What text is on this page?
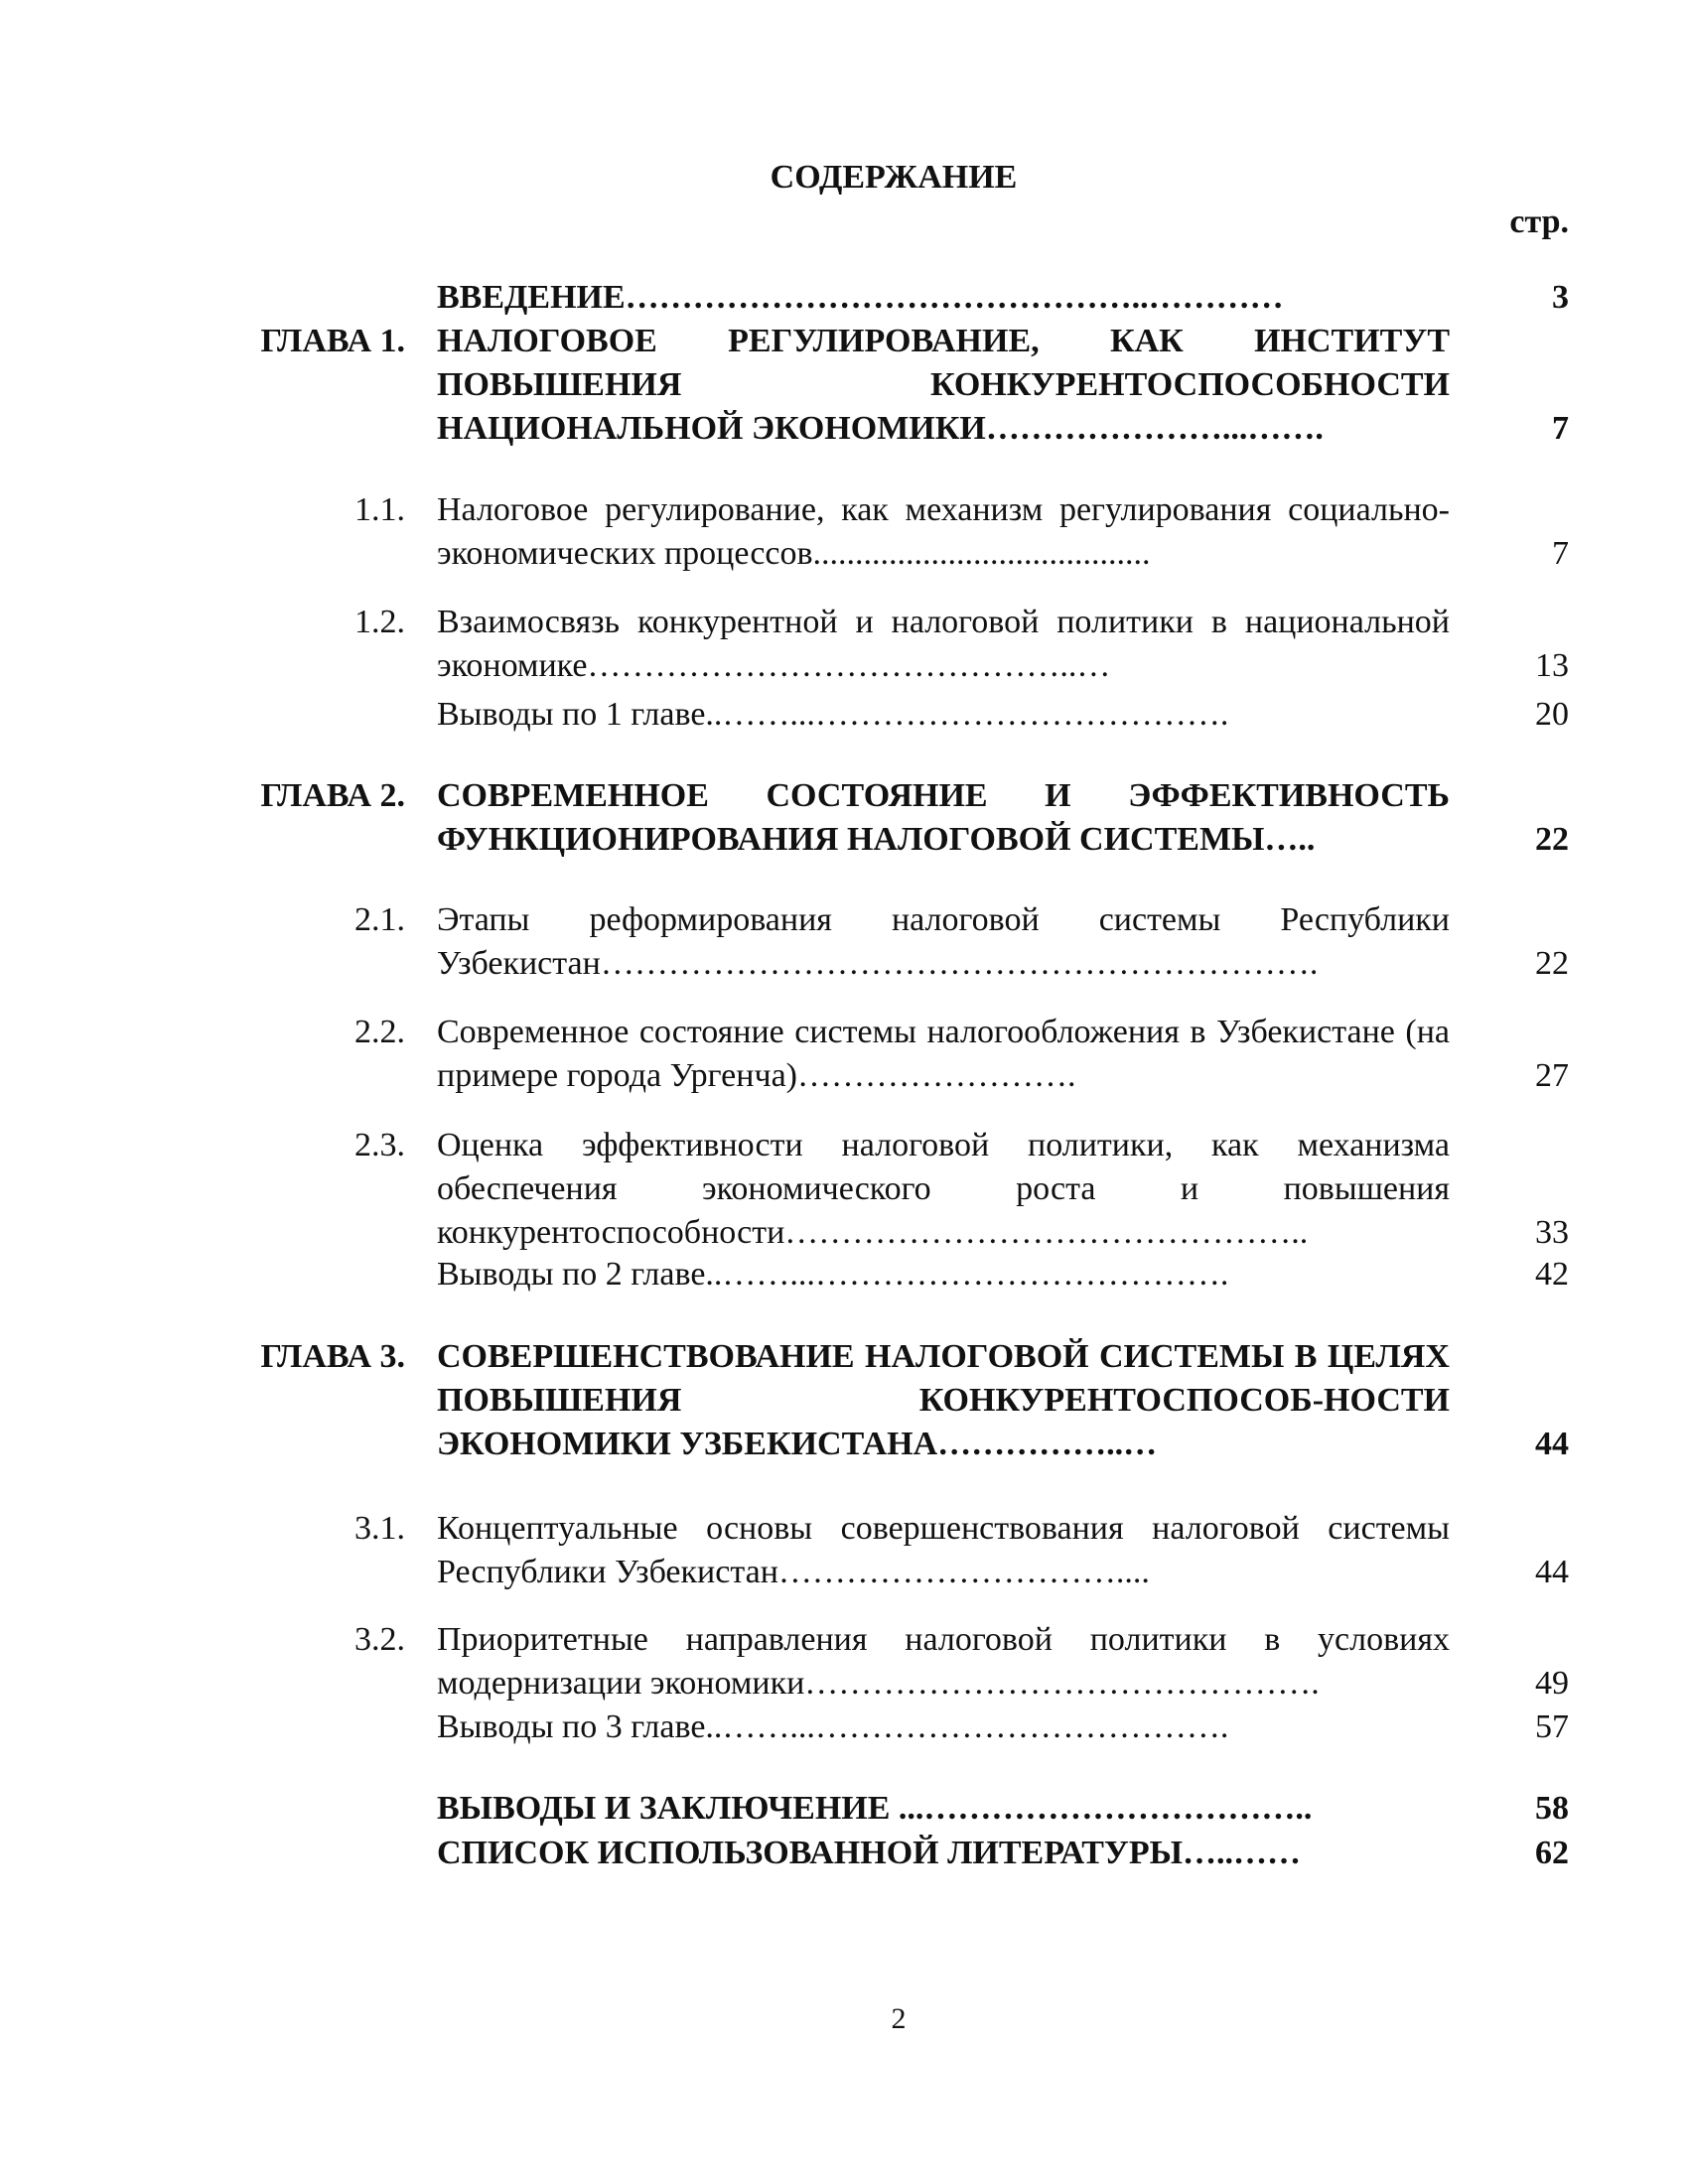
СОДЕРЖАНИЕ
стр.
ВВЕДЕНИЕ………………………………………..…………	3
ГЛАВА 1. НАЛОГОВОЕ РЕГУЛИРОВАНИЕ, КАК ИНСТИТУТ ПОВЫШЕНИЯ КОНКУРЕНТОСПОСОБНОСТИ НАЦИОНАЛЬНОЙ ЭКОНОМИКИ…………………...…….	7
1.1. Налоговое регулирование, как механизм регулирования социально-экономических процессов........................................	7
1.2. Взаимосвязь конкурентной и налоговой политики в национальной экономике……………………………………..…	13
Выводы по 1 главе..……...……………………………….	20
ГЛАВА 2. СОВРЕМЕННОЕ СОСТОЯНИЕ И ЭФФЕКТИВНОСТЬ ФУНКЦИОНИРОВАНИЯ НАЛОГОВОЙ СИСТЕМЫ…..	22
2.1. Этапы реформирования налоговой системы Республики Узбекистан……………………………………………………….	22
2.2. Современное состояние системы налогообложения в Узбекистане (на примере города Ургенча)…………………….	27
2.3. Оценка эффективности налоговой политики, как механизма обеспечения экономического роста и повышения конкурентоспособности………………………………………..	33
Выводы по 2 главе..……...……………………………….	42
ГЛАВА 3. СОВЕРШЕНСТВОВАНИЕ НАЛОГОВОЙ СИСТЕМЫ В ЦЕЛЯХ ПОВЫШЕНИЯ КОНКУРЕНТОСПОСОБ-НОСТИ ЭКОНОМИКИ УЗБЕКИСТАНА……………..…	44
3.1. Концептуальные основы совершенствования налоговой системы Республики Узбекистан…………………………....	44
3.2. Приоритетные направления налоговой политики в условиях модернизации экономики……………………………………….	49
Выводы по 3 главе..……...……………………………….	57
ВЫВОДЫ И ЗАКЛЮЧЕНИЕ ...……………………………..	58
СПИСОК ИСПОЛЬЗОВАННОЙ ЛИТЕРАТУРЫ…..……	62
2
